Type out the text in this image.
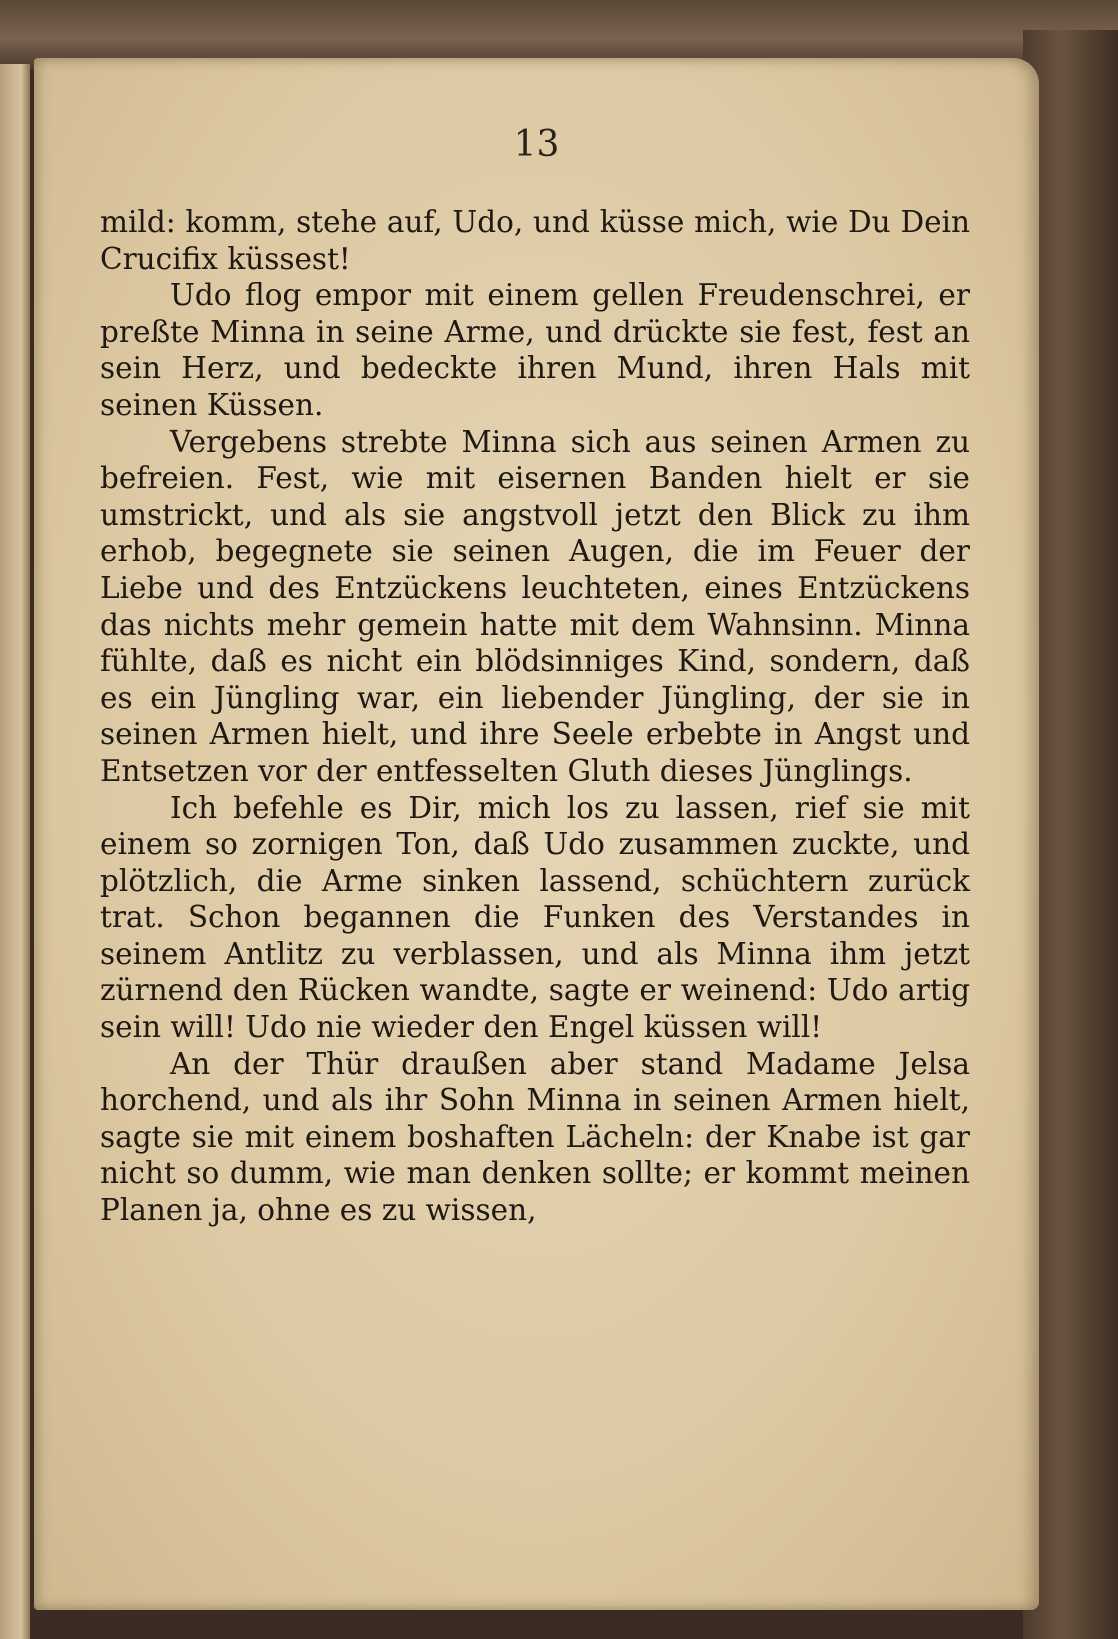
13

mild: komm, stehe auf, Udo, und küsse mich, wie Du Dein Crucifix küssest!

Udo flog empor mit einem gellen Freudenschrei, er preßte Minna in seine Arme, und drückte sie fest, fest an sein Herz, und bedeckte ihren Mund, ihren Hals mit seinen Küssen.

Vergebens strebte Minna sich aus seinen Armen zu befreien. Fest, wie mit eisernen Banden hielt er sie umstrickt, und als sie angstvoll jetzt den Blick zu ihm erhob, begegnete sie seinen Augen, die im Feuer der Liebe und des Entzückens leuchteten, eines Entzückens das nichts mehr gemein hatte mit dem Wahnsinn. Minna fühlte, daß es nicht ein blödsinniges Kind, sondern, daß es ein Jüngling war, ein liebender Jüngling, der sie in seinen Armen hielt, und ihre Seele erbebte in Angst und Entsetzen vor der entfesselten Gluth dieses Jünglings.

Ich befehle es Dir, mich los zu lassen, rief sie mit einem so zornigen Ton, daß Udo zusammen zuckte, und plötzlich, die Arme sinken lassend, schüchtern zurück trat. Schon begannen die Funken des Verstandes in seinem Antlitz zu verblassen, und als Minna ihm jetzt zürnend den Rücken wandte, sagte er weinend: Udo artig sein will! Udo nie wieder den Engel küssen will!

An der Thür draußen aber stand Madame Jelsa horchend, und als ihr Sohn Minna in seinen Armen hielt, sagte sie mit einem boshaften Lächeln: der Knabe ist gar nicht so dumm, wie man denken sollte; er kommt meinen Planen ja, ohne es zu wissen,
